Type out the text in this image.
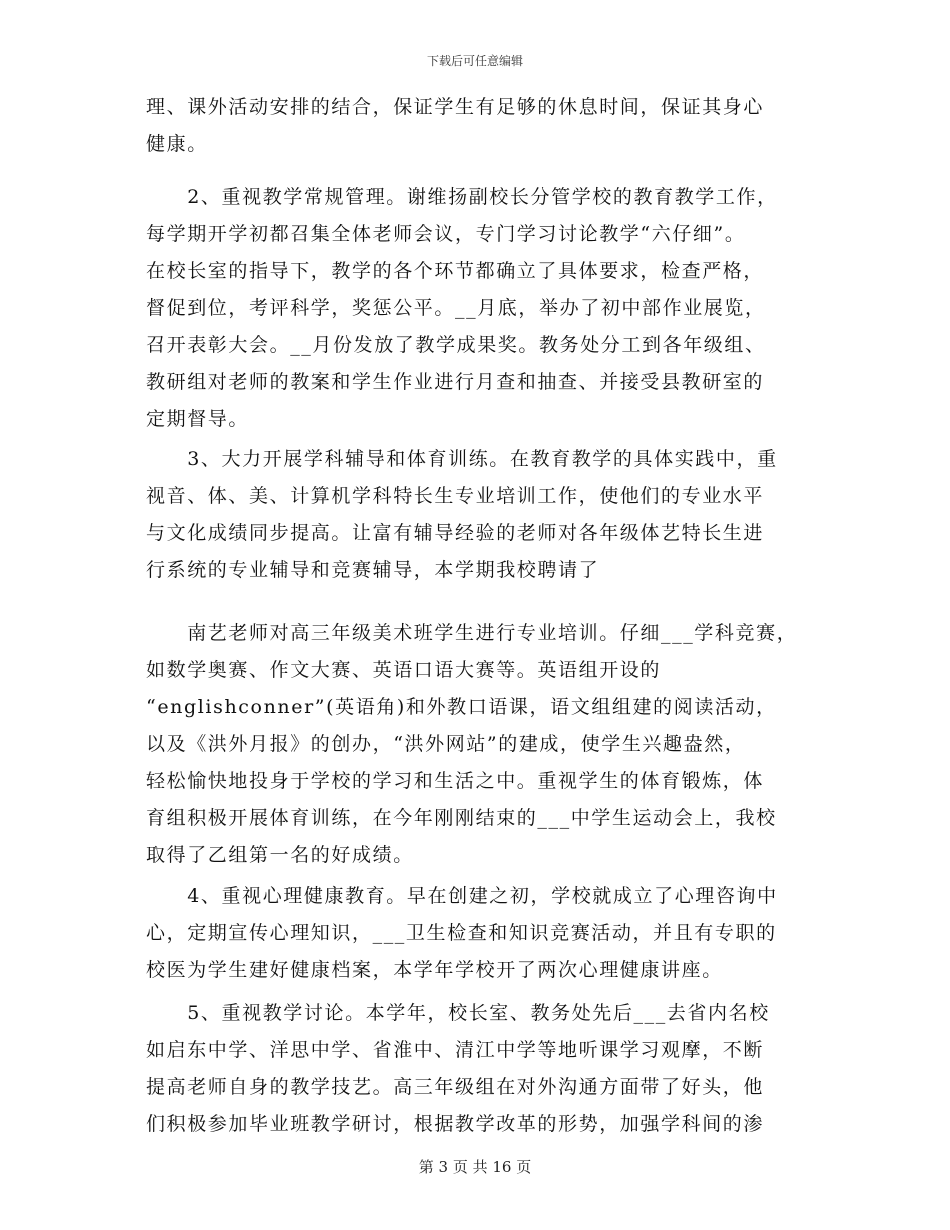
下载后可任意编辑
理、课外活动安排的结合，保证学生有足够的休息时间，保证其身心
健康。
　　2、重视教学常规管理。谢维扬副校长分管学校的教育教学工作，
每学期开学初都召集全体老师会议，专门学习讨论教学“六仔细”。
在校长室的指导下，教学的各个环节都确立了具体要求，检查严格，
督促到位，考评科学，奖惩公平。__月底，举办了初中部作业展览，
召开表彰大会。__月份发放了教学成果奖。教务处分工到各年级组、
教研组对老师的教案和学生作业进行月查和抽查、并接受县教研室的
定期督导。
　　3、大力开展学科辅导和体育训练。在教育教学的具体实践中，重
视音、体、美、计算机学科特长生专业培训工作，使他们的专业水平
与文化成绩同步提高。让富有辅导经验的老师对各年级体艺特长生进
行系统的专业辅导和竞赛辅导，本学期我校聘请了
　　南艺老师对高三年级美术班学生进行专业培训。仔细___学科竞赛，
如数学奥赛、作文大赛、英语口语大赛等。英语组开设的
“englishconner”(英语角)和外教口语课，语文组组建的阅读活动，
以及《洪外月报》的创办，“洪外网站”的建成，使学生兴趣盎然，
轻松愉快地投身于学校的学习和生活之中。重视学生的体育锻炼，体
育组积极开展体育训练，在今年刚刚结束的___中学生运动会上，我校
取得了乙组第一名的好成绩。
　　4、重视心理健康教育。早在创建之初，学校就成立了心理咨询中
心，定期宣传心理知识，___卫生检查和知识竞赛活动，并且有专职的
校医为学生建好健康档案，本学年学校开了两次心理健康讲座。
　　5、重视教学讨论。本学年，校长室、教务处先后___去省内名校
如启东中学、洋思中学、省淮中、清江中学等地听课学习观摩，不断
提高老师自身的教学技艺。高三年级组在对外沟通方面带了好头，他
们积极参加毕业班教学研讨，根据教学改革的形势，加强学科间的渗
第 3 页 共 16 页
